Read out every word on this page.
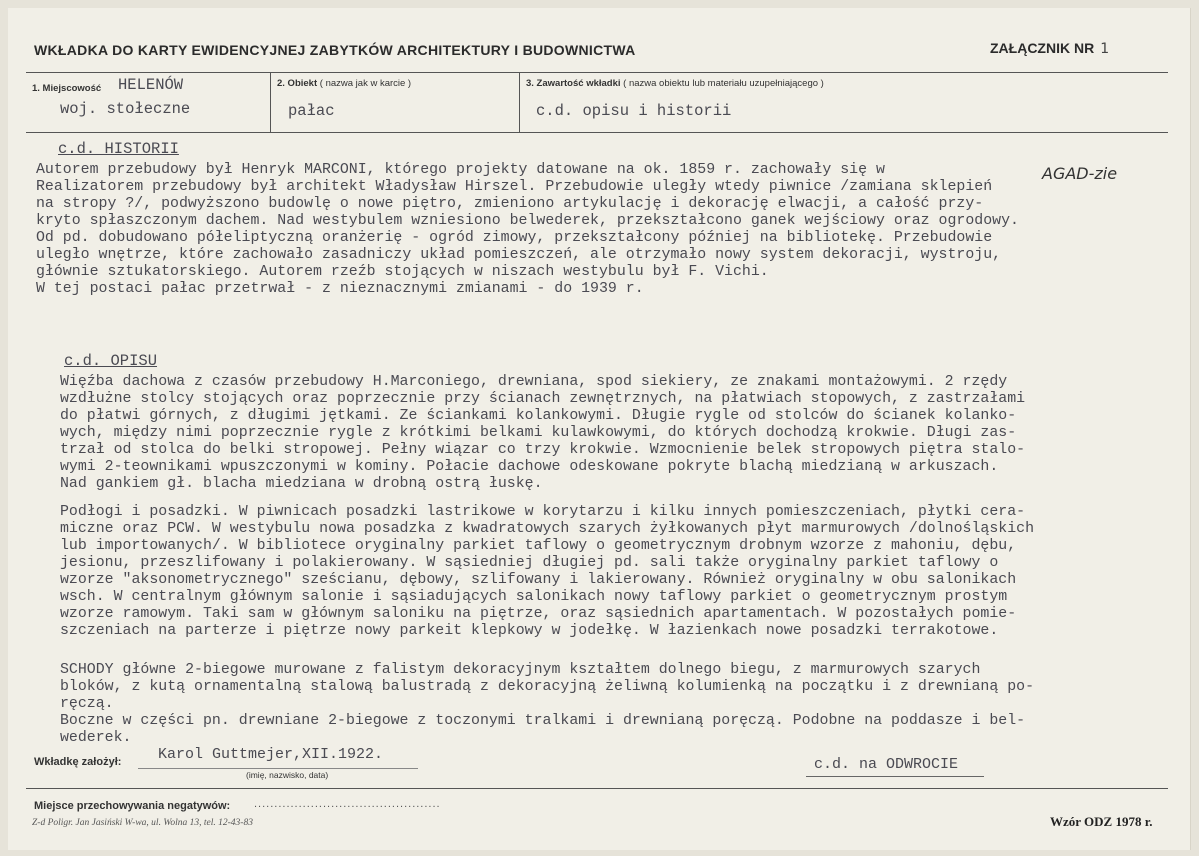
WKŁADKA DO KARTY EWIDENCYJNEJ ZABYTKÓW ARCHITEKTURY I BUDOWNICTWA	ZAŁĄCZNIK NR 1
1. Miejscowość HELENÓW
woj. stołeczne
2. Obiekt ( nazwa jak w karcie )
pałac
3. Zawartość wkładki ( nazwa obiektu lub materiału uzupełniającego )
c.d. opisu i historii
c.d. HISTORII
AGAD-zie
Autorem przebudowy był Henryk MARCONI, którego projekty datowane na ok. 1859 r. zachowały się w
Realizatorem przebudowy był architekt Władysław Hirszel. Przebudowie uległy wtedy piwnice /zamiana sklepień
na stropy ?/, podwyższono budowlę o nowe piętro, zmieniono artykulację i dekorację elwacji, a całość przy-
kryto spłaszczonym dachem. Nad westybulem wzniesiono belwederek, przekształcono ganek wejściowy oraz ogrodowy.
Od pd. dobudowano półeliptyczną oranżerię - ogród zimowy, przekształcony później na bibliotekę. Przebudowie
uległo wnętrze, które zachowało zasadniczy układ pomieszczeń, ale otrzymało nowy system dekoracji, wystroju,
głównie sztukatorskiego. Autorem rzeźb stojących w niszach westybulu był F. Vichi.
W tej postaci pałac przetrwał - z nieznacznymi zmianami - do 1939 r.
c.d. OPISU
Więźba dachowa z czasów przebudowy H.Marconiego, drewniana, spod siekiery, ze znakami montażowymi. 2 rzędy
wzdłużne stolcy stojących oraz poprzecznie przy ścianach zewnętrznych, na płatwiach stopowych, z zastrzałami
do płatwi górnych, z długimi jętkami. Ze ściankami kolankowymi. Długie rygle od stolców do ścianek kolanko-
wych, między nimi poprzecznie rygle z krótkimi belkami kulawkowymi, do których dochodzą krokwie. Długi zas-
trzał od stolca do belki stropowej. Pełny wiązar co trzy krokwie. Wzmocnienie belek stropowych piętra stalo-
wymi 2-teownikami wpuszczonymi w kominy. Połacie dachowe odeskowane pokryte blachą miedzianą w arkuszach.
Nad gankiem gł. blacha miedziana w drobną ostrą łuskę.
Podłogi i posadzki. W piwnicach posadzki lastrikowe w korytarzu i kilku innych pomieszczeniach, płytki cera-
miczne oraz PCW. W westybulu nowa posadzka z kwadratowych szarych żyłkowanych płyt marmurowych /dolnośląskich
lub importowanych/. W bibliotece oryginalny parkiet taflowy o geometrycznym drobnym wzorze z mahoniu, dębu,
jesionu, przeszlifowany i polakierowany. W sąsiedniej długiej pd. sali także oryginalny parkiet taflowy o
wzorze "aksonometrycznego" sześcianu, dębowy, szlifowany i lakierowany. Również oryginalny w obu salonikach
wsch. W centralnym głównym salonie i sąsiadujących salonikach nowy taflowy parkiet o geometrycznym prostym
wzorze ramowym. Taki sam w głównym saloniku na piętrze, oraz sąsiednich apartamentach. W pozostałych pomie-
szczeniach na parterze i piętrze nowy parkeit klepkowy w jodełkę. W łazienkach nowe posadzki terrakotowe.
SCHODY główne 2-biegowe murowane z falistym dekoracyjnym kształtem dolnego biegu, z marmurowych szarych
bloków, z kutą ornamentalną stalową balustradą z dekoracyjną żeliwną kolumienką na początku i z drewnianą po-
ręczą.
Boczne w części pn. drewniane 2-biegowe z toczonymi tralkami i drewnianą poręczą. Podobne na poddasze i bel-
wederek.
Wkładkę założył: Karol Guttmejer,XII.1922.
(imię, nazwisko, data)
c.d. na ODWROCIE
Miejsce przechowywania negatywów: ..............................................
Z-d Poligr. Jan Jasiński W-wa, ul. Wolna 13, tel. 12-43-83	Wzór ODZ 1978 r.
